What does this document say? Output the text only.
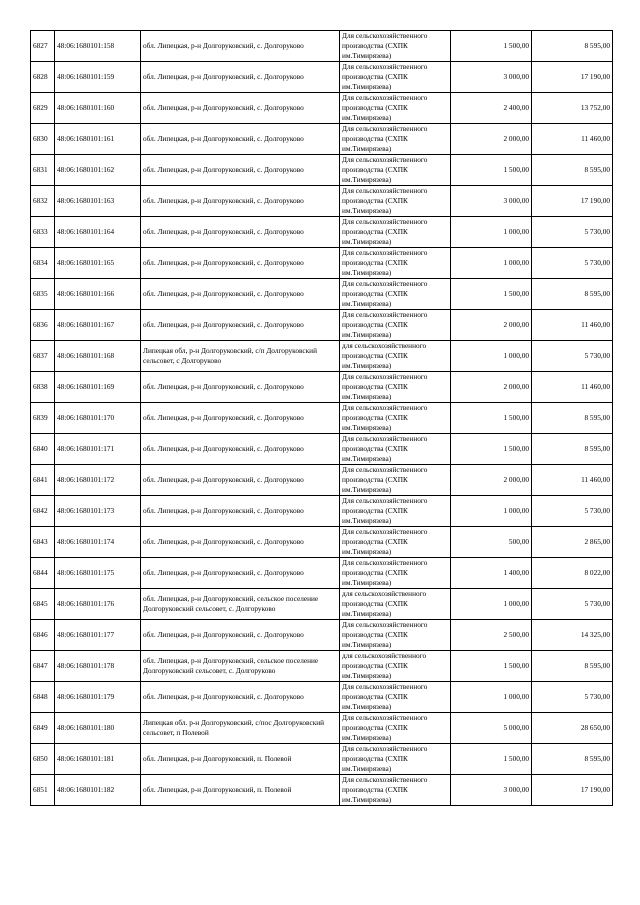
6827	48:06:1680101:158	обл. Липецкая, р-н Долгоруковский, с. Долгоруково	Для сельскохозяйственного производства (СХПК им.Тимирязева)	1 500,00	8 595,00
6828	48:06:1680101:159	обл. Липецкая, р-н Долгоруковский, с. Долгоруково	Для сельскохозяйственного производства (СХПК им.Тимирязева)	3 000,00	17 190,00
6829	48:06:1680101:160	обл. Липецкая, р-н Долгоруковский, с. Долгоруково	Для сельскохозяйственного производства (СХПК им.Тимирязева)	2 400,00	13 752,00
6830	48:06:1680101:161	обл. Липецкая, р-н Долгоруковский, с. Долгоруково	Для сельскохозяйственного производства (СХПК им.Тимирязева)	2 000,00	11 460,00
6831	48:06:1680101:162	обл. Липецкая, р-н Долгоруковский, с. Долгоруково	Для сельскохозяйственного производства (СХПК им.Тимирязева)	1 500,00	8 595,00
6832	48:06:1680101:163	обл. Липецкая, р-н Долгоруковский, с. Долгоруково	Для сельскохозяйственного производства (СХПК им.Тимирязева)	3 000,00	17 190,00
6833	48:06:1680101:164	обл. Липецкая, р-н Долгоруковский, с. Долгоруково	Для сельскохозяйственного производства (СХПК им.Тимирязева)	1 000,00	5 730,00
6834	48:06:1680101:165	обл. Липецкая, р-н Долгоруковский, с. Долгоруково	Для сельскохозяйственного производства (СХПК им.Тимирязева)	1 000,00	5 730,00
6835	48:06:1680101:166	обл. Липецкая, р-н Долгоруковский, с. Долгоруково	Для сельскохозяйственного производства (СХПК им.Тимирязева)	1 500,00	8 595,00
6836	48:06:1680101:167	обл. Липецкая, р-н Долгоруковский, с. Долгоруково	Для сельскохозяйственного производства (СХПК им.Тимирязева)	2 000,00	11 460,00
6837	48:06:1680101:168	Липецкая обл, р-н Долгоруковский, с/п Долгоруковский сельсовет, с Долгоруково	для сельскохозяйственного производства (СХПК им.Тимирязева)	1 000,00	5 730,00
6838	48:06:1680101:169	обл. Липецкая, р-н Долгоруковский, с. Долгоруково	Для сельскохозяйственного производства (СХПК им.Тимирязева)	2 000,00	11 460,00
6839	48:06:1680101:170	обл. Липецкая, р-н Долгоруковский, с. Долгоруково	Для сельскохозяйственного производства (СХПК им.Тимирязева)	1 500,00	8 595,00
6840	48:06:1680101:171	обл. Липецкая, р-н Долгоруковский, с. Долгоруково	Для сельскохозяйственного производства (СХПК им.Тимирязева)	1 500,00	8 595,00
6841	48:06:1680101:172	обл. Липецкая, р-н Долгоруковский, с. Долгоруково	Для сельскохозяйственного производства (СХПК им.Тимирязева)	2 000,00	11 460,00
6842	48:06:1680101:173	обл. Липецкая, р-н Долгоруковский, с. Долгоруково	Для сельскохозяйственного производства (СХПК им.Тимирязева)	1 000,00	5 730,00
6843	48:06:1680101:174	обл. Липецкая, р-н Долгоруковский, с. Долгоруково	Для сельскохозяйственного производства (СХПК им.Тимирязева)	500,00	2 865,00
6844	48:06:1680101:175	обл. Липецкая, р-н Долгоруковский, с. Долгоруково	Для сельскохозяйственного производства (СХПК им.Тимирязева)	1 400,00	8 022,00
6845	48:06:1680101:176	обл. Липецкая, р-н Долгоруковский, сельское поселение Долгоруковский сельсовет, с. Долгоруково	для сельскохозяйственного производства (СХПК им.Тимирязева)	1 000,00	5 730,00
6846	48:06:1680101:177	обл. Липецкая, р-н Долгоруковский, с. Долгоруково	Для сельскохозяйственного производства (СХПК им.Тимирязева)	2 500,00	14 325,00
6847	48:06:1680101:178	обл. Липецкая, р-н Долгоруковский, сельское поселение Долгоруковский сельсовет, с. Долгоруково	для сельскохозяйственного производства (СХПК им.Тимирязева)	1 500,00	8 595,00
6848	48:06:1680101:179	обл. Липецкая, р-н Долгоруковский, с. Долгоруково	Для сельскохозяйственного производства (СХПК им.Тимирязева)	1 000,00	5 730,00
6849	48:06:1680101:180	Липецкая обл. р-н Долгоруковский, с/пос Долгоруковский сельсовет, п Полевой	Для сельскохозяйственного производства (СХПК им.Тимирязева)	5 000,00	28 650,00
6850	48:06:1680101:181	обл. Липецкая, р-н Долгоруковский, п. Полевой	Для сельскохозяйственного производства (СХПК им.Тимирязева)	1 500,00	8 595,00
6851	48:06:1680101:182	обл. Липецкая, р-н Долгоруковский, п. Полевой	Для сельскохозяйственного производства (СХПК им.Тимирязева)	3 000,00	17 190,00
